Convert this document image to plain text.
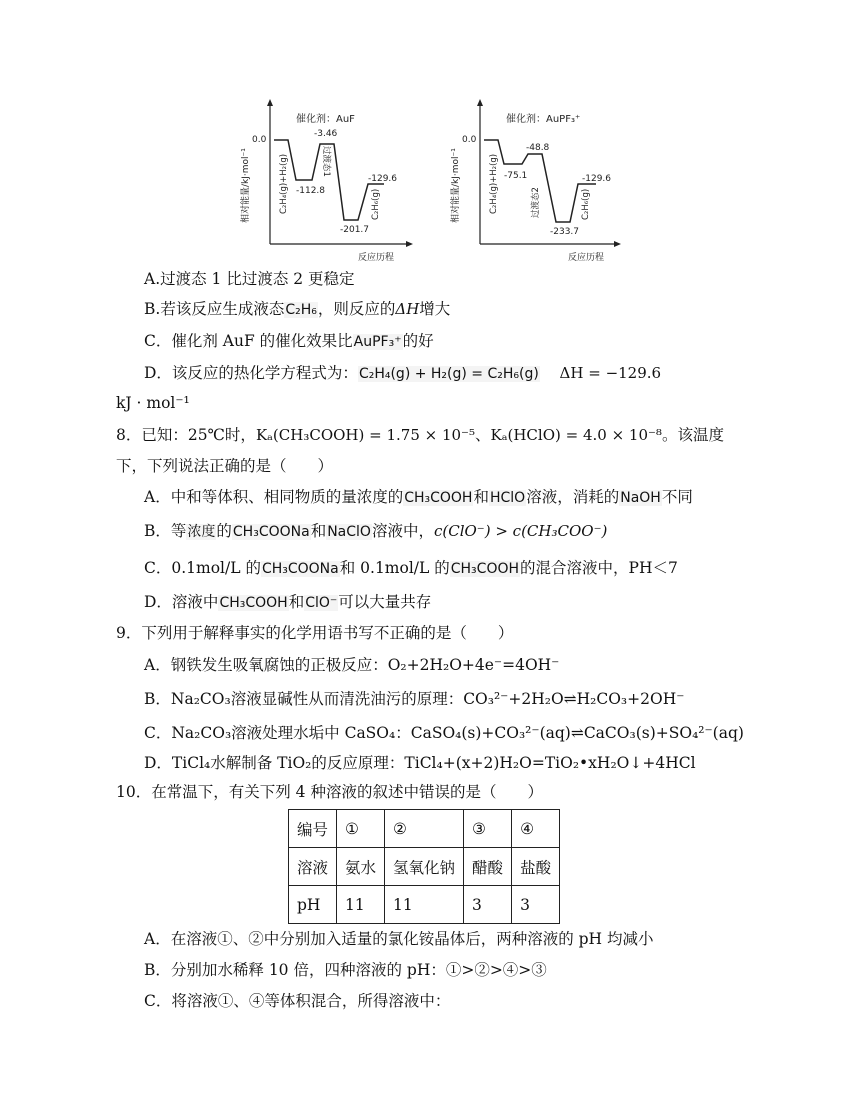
相对能量/kJ·mol⁻¹
催化剂：AuF
0.0
C₂H₄(g)+H₂(g) -112.8
-3.46
过渡态1
-201.7
-129.6
C₂H₆(g)
反应历程
相对能量/kJ·mol⁻¹
催化剂：AuPF₃⁺
0.0
C₂H₄(g)+H₂(g) -75.1
-48.8
过渡态2
-233.7
-129.6
C₂H₆(g)
反应历程
A.过渡态 1 比过渡态 2 更稳定
B.若该反应生成液态C₂H₆，则反应的ΔH增大
C．催化剂 AuF 的催化效果比AuPF₃⁺的好
D．该反应的热化学方程式为：C₂H₄(g) + H₂(g) = C₂H₆(g) ΔH = −129.6
kJ · mol⁻¹
8．已知：25℃时，Kₐ(CH₃COOH) = 1.75 × 10⁻⁵、Kₐ(HClO) = 4.0 × 10⁻⁸。该温度
下，下列说法正确的是（　　）
A．中和等体积、相同物质的量浓度的CH₃COOH和HClO溶液，消耗的NaOH不同
B．等浓度的CH₃COONa和NaClO溶液中，c(ClO⁻) > c(CH₃COO⁻)
C．0.1mol/L 的CH₃COONa和 0.1mol/L 的CH₃COOH的混合溶液中，PH＜7
D．溶液中CH₃COOH和ClO⁻可以大量共存
9．下列用于解释事实的化学用语书写不正确的是（　　）
A．钢铁发生吸氧腐蚀的正极反应：O₂+2H₂O+4e⁻=4OH⁻
B．Na₂CO₃溶液显碱性从而清洗油污的原理：CO₃²⁻+2H₂O⇌H₂CO₃+2OH⁻
C．Na₂CO₃溶液处理水垢中 CaSO₄：CaSO₄(s)+CO₃²⁻(aq)⇌CaCO₃(s)+SO₄²⁻(aq)
D．TiCl₄水解制备 TiO₂的反应原理：TiCl₄+(x+2)H₂O=TiO₂•xH₂O↓+4HCl
10．在常温下，有关下列 4 种溶液的叙述中错误的是（　　）
编号	①	②	③	④
溶液	氨水	氢氧化钠	醋酸	盐酸
pH	11	11	3	3
A．在溶液①、②中分别加入适量的氯化铵晶体后，两种溶液的 pH 均减小
B．分别加水稀释 10 倍，四种溶液的 pH：①>②>④>③
C．将溶液①、④等体积混合，所得溶液中：
